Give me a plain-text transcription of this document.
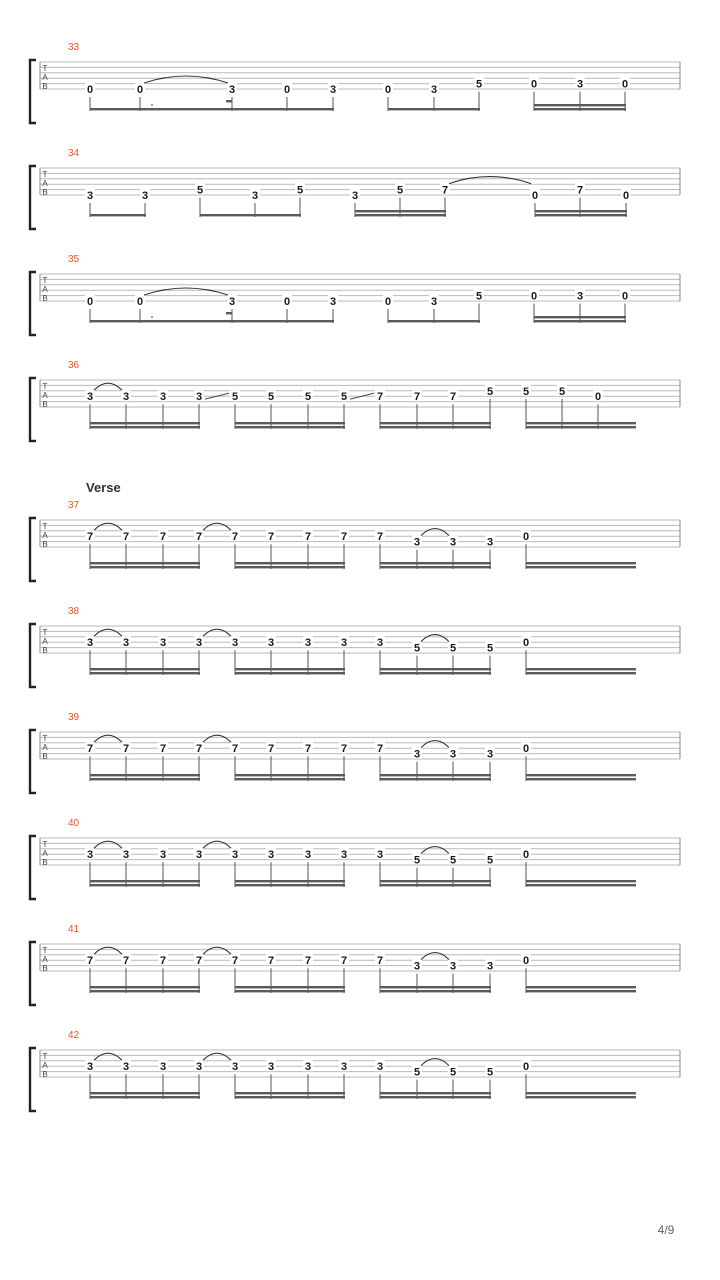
33
T
A
B	0	0	3	0	3	0	3	5	0	3	0
34
T
A
B	3	3	5	3	5	3	5	7	0	7	0
35
T
A
B	0	0	3	0	3	0	3	5	0	3	0
36
T
A
B
3	3	3	3	5	5	5	5	7	7	7	5	5	5	0
37
T
A
B
7	7	7	7	7	7	7	7	7	3	3	3	0
38
T
A
B
3	3	3	3	3	3	3	3	3	5	5	5	0
39
T
A
B
7	7	7	7	7	7	7	7	7	3	3	3	0
40
T
A
B
3	3	3	3	3	3	3	3	3	5	5	5	0
41
T
A
B
7	7	7	7	7	7	7	7	7	3	3	3	0
42
T
A
B
3	3	3	3	3	3	3	3	3	5	5	5	0
Verse
4/9
